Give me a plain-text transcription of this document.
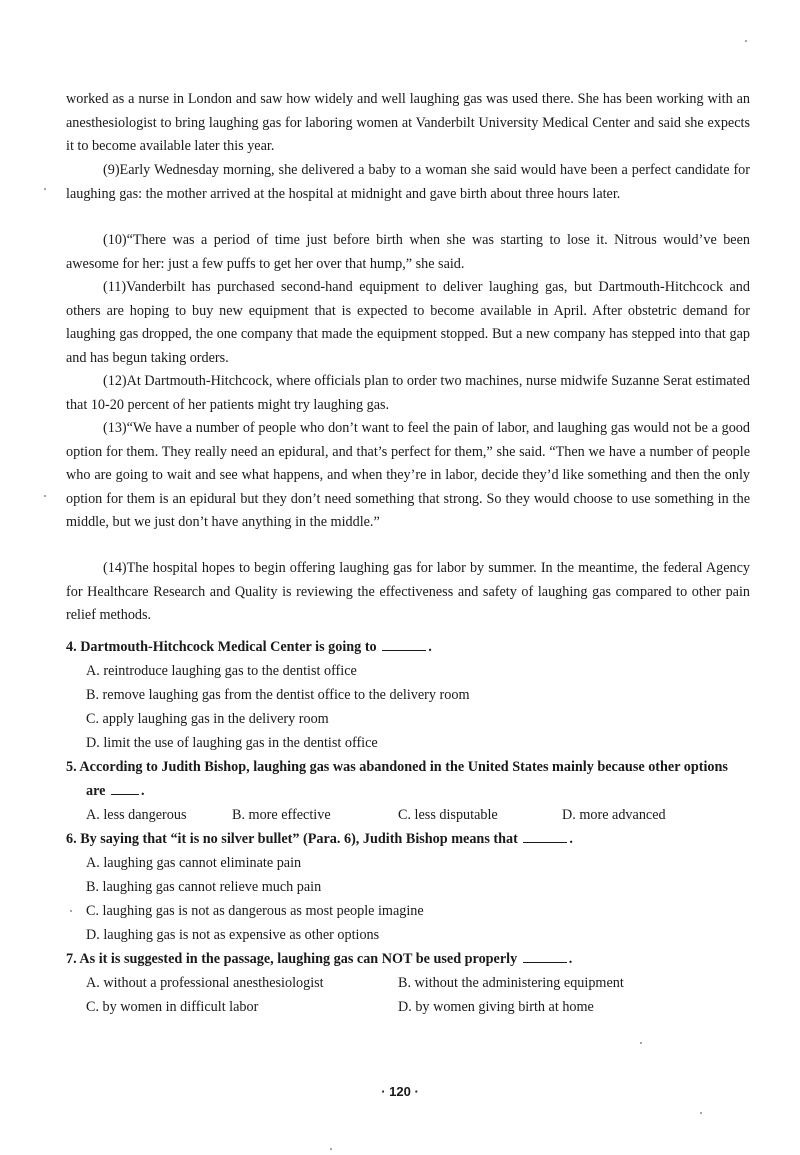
worked as a nurse in London and saw how widely and well laughing gas was used there. She has been working with an anesthesiologist to bring laughing gas for laboring women at Vanderbilt University Medical Center and said she expects it to become available later this year.

(9)Early Wednesday morning, she delivered a baby to a woman she said would have been a perfect candidate for laughing gas: the mother arrived at the hospital at midnight and gave birth about three hours later.

(10)“There was a period of time just before birth when she was starting to lose it. Nitrous would’ve been awesome for her: just a few puffs to get her over that hump,” she said.

(11)Vanderbilt has purchased second-hand equipment to deliver laughing gas, but Dartmouth-Hitchcock and others are hoping to buy new equipment that is expected to become available in April. After obstetric demand for laughing gas dropped, the one company that made the equipment stopped. But a new company has stepped into that gap and has begun taking orders.

(12)At Dartmouth-Hitchcock, where officials plan to order two machines, nurse midwife Suzanne Serat estimated that 10-20 percent of her patients might try laughing gas.

(13)“We have a number of people who don’t want to feel the pain of labor, and laughing gas would not be a good option for them. They really need an epidural, and that’s perfect for them,” she said. “Then we have a number of people who are going to wait and see what happens, and when they’re in labor, decide they’d like something and then the only option for them is an epidural but they don’t need something that strong. So they would choose to use something in the middle, but we just don’t have anything in the middle.”

(14)The hospital hopes to begin offering laughing gas for labor by summer. In the meantime, the federal Agency for Healthcare Research and Quality is reviewing the effectiveness and safety of laughing gas compared to other pain relief methods.

4. Dartmouth-Hitchcock Medical Center is going to	.

A. reintroduce laughing gas to the dentist office

B. remove laughing gas from the dentist office to the delivery room

C. apply laughing gas in the delivery room

D. limit the use of laughing gas in the dentist office

5. According to Judith Bishop, laughing gas was abandoned in the United States mainly because other options are	.

A. less dangerous	B. more effective	C. less disputable	D. more advanced

6. By saying that “it is no silver bullet” (Para. 6), Judith Bishop means that	.

A. laughing gas cannot eliminate pain

B. laughing gas cannot relieve much pain

C. laughing gas is not as dangerous as most people imagine

D. laughing gas is not as expensive as other options

7. As it is suggested in the passage, laughing gas can NOT be used properly	.

A. without a professional anesthesiologist	B. without the administering equipment

C. by women in difficult labor	D. by women giving birth at home

· 120 ·
